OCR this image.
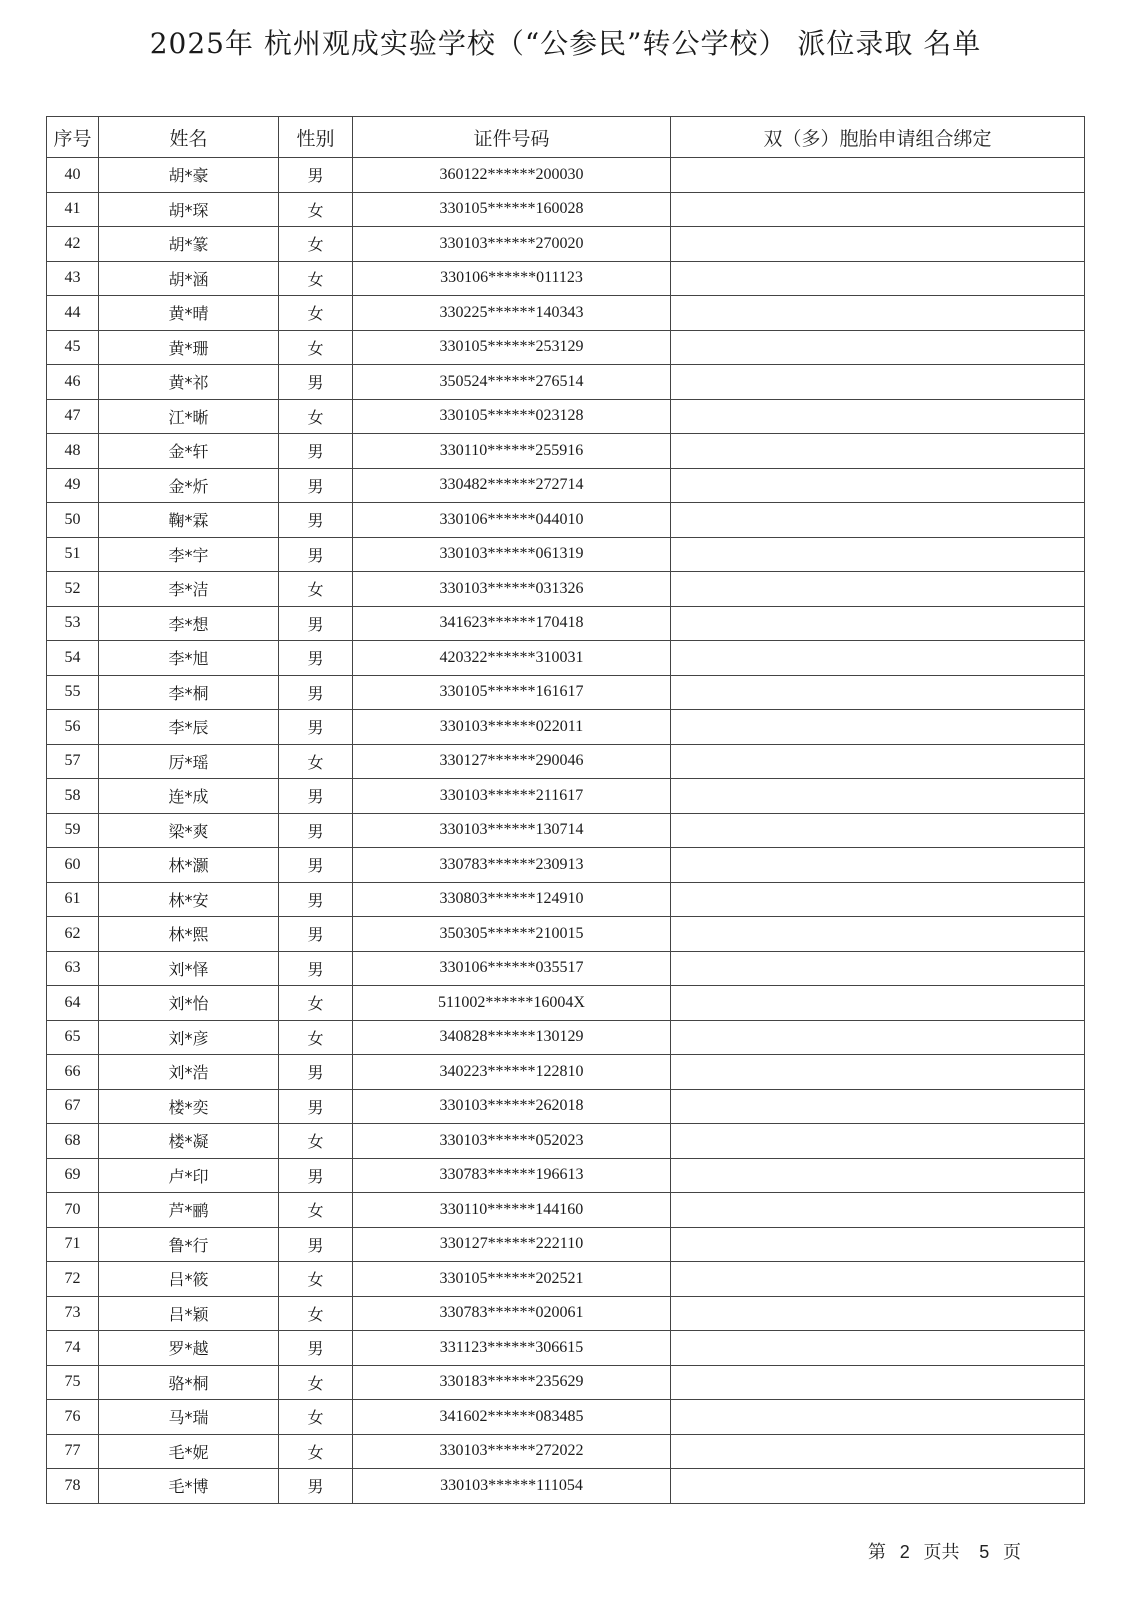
2025年 杭州观成实验学校（“公参民”转公学校） 派位录取 名单
序号	姓名	性别	证件号码	双（多）胞胎申请组合绑定
40	胡*豪	男	360122******200030	
41	胡*琛	女	330105******160028	
42	胡*篆	女	330103******270020	
43	胡*涵	女	330106******011123	
44	黄*晴	女	330225******140343	
45	黄*珊	女	330105******253129	
46	黄*祁	男	350524******276514	
47	江*晰	女	330105******023128	
48	金*轩	男	330110******255916	
49	金*炘	男	330482******272714	
50	鞠*霖	男	330106******044010	
51	李*宇	男	330103******061319	
52	李*洁	女	330103******031326	
53	李*想	男	341623******170418	
54	李*旭	男	420322******310031	
55	李*桐	男	330105******161617	
56	李*辰	男	330103******022011	
57	厉*瑶	女	330127******290046	
58	连*成	男	330103******211617	
59	梁*爽	男	330103******130714	
60	林*灏	男	330783******230913	
61	林*安	男	330803******124910	
62	林*熙	男	350305******210015	
63	刘*怿	男	330106******035517	
64	刘*怡	女	511002******16004X	
65	刘*彦	女	340828******130129	
66	刘*浩	男	340223******122810	
67	楼*奕	男	330103******262018	
68	楼*凝	女	330103******052023	
69	卢*印	男	330783******196613	
70	芦*鹂	女	330110******144160	
71	鲁*行	男	330127******222110	
72	吕*筱	女	330105******202521	
73	吕*颖	女	330783******020061	
74	罗*越	男	331123******306615	
75	骆*桐	女	330183******235629	
76	马*瑞	女	341602******083485	
77	毛*妮	女	330103******272022	
78	毛*博	男	330103******111054	
第 2 页共 5 页
